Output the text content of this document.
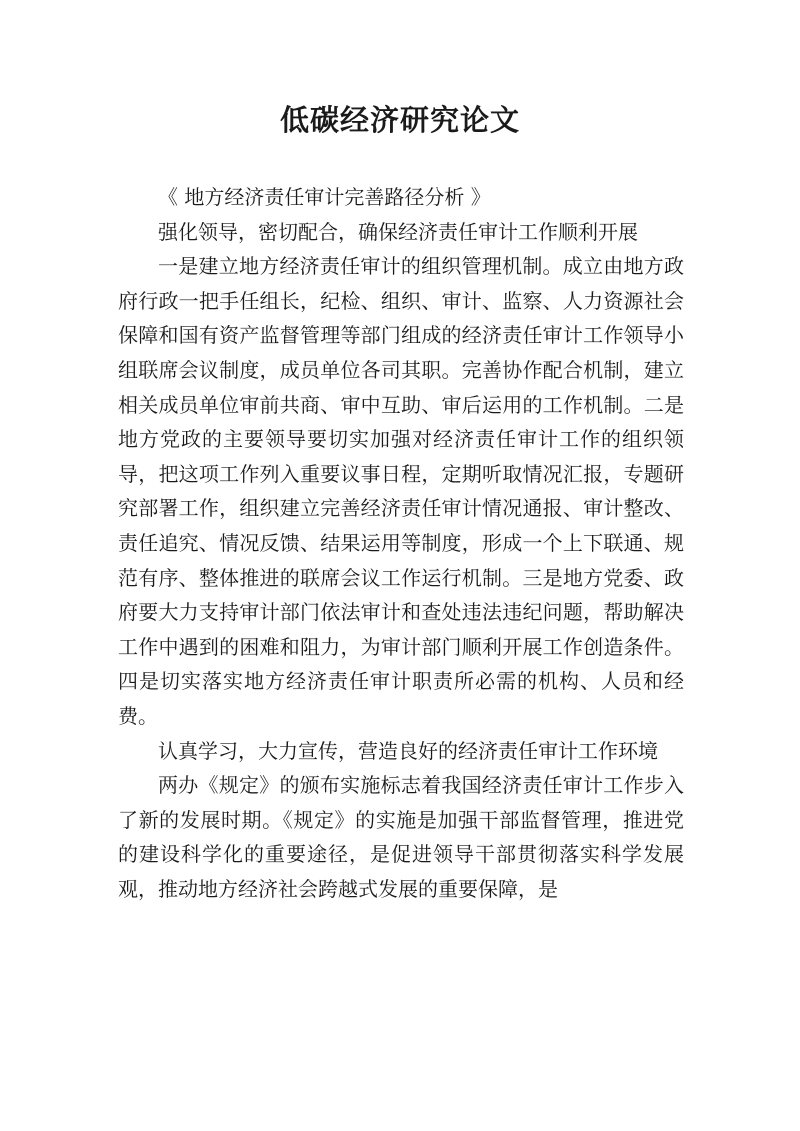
低碳经济研究论文

《 地方经济责任审计完善路径分析 》

强化领导，密切配合，确保经济责任审计工作顺利开展

一是建立地方经济责任审计的组织管理机制。成立由地方政府行政一把手任组长，纪检、组织、审计、监察、人力资源社会保障和国有资产监督管理等部门组成的经济责任审计工作领导小组联席会议制度，成员单位各司其职。完善协作配合机制，建立相关成员单位审前共商、审中互助、审后运用的工作机制。二是地方党政的主要领导要切实加强对经济责任审计工作的组织领导，把这项工作列入重要议事日程，定期听取情况汇报，专题研究部署工作，组织建立完善经济责任审计情况通报、审计整改、责任追究、情况反馈、结果运用等制度，形成一个上下联通、规范有序、整体推进的联席会议工作运行机制。三是地方党委、政府要大力支持审计部门依法审计和查处违法违纪问题，帮助解决工作中遇到的困难和阻力，为审计部门顺利开展工作创造条件。四是切实落实地方经济责任审计职责所必需的机构、人员和经费。

认真学习，大力宣传，营造良好的经济责任审计工作环境

两办《规定》的颁布实施标志着我国经济责任审计工作步入了新的发展时期。《规定》的实施是加强干部监督管理，推进党的建设科学化的重要途径，是促进领导干部贯彻落实科学发展观，推动地方经济社会跨越式发展的重要保障，是
